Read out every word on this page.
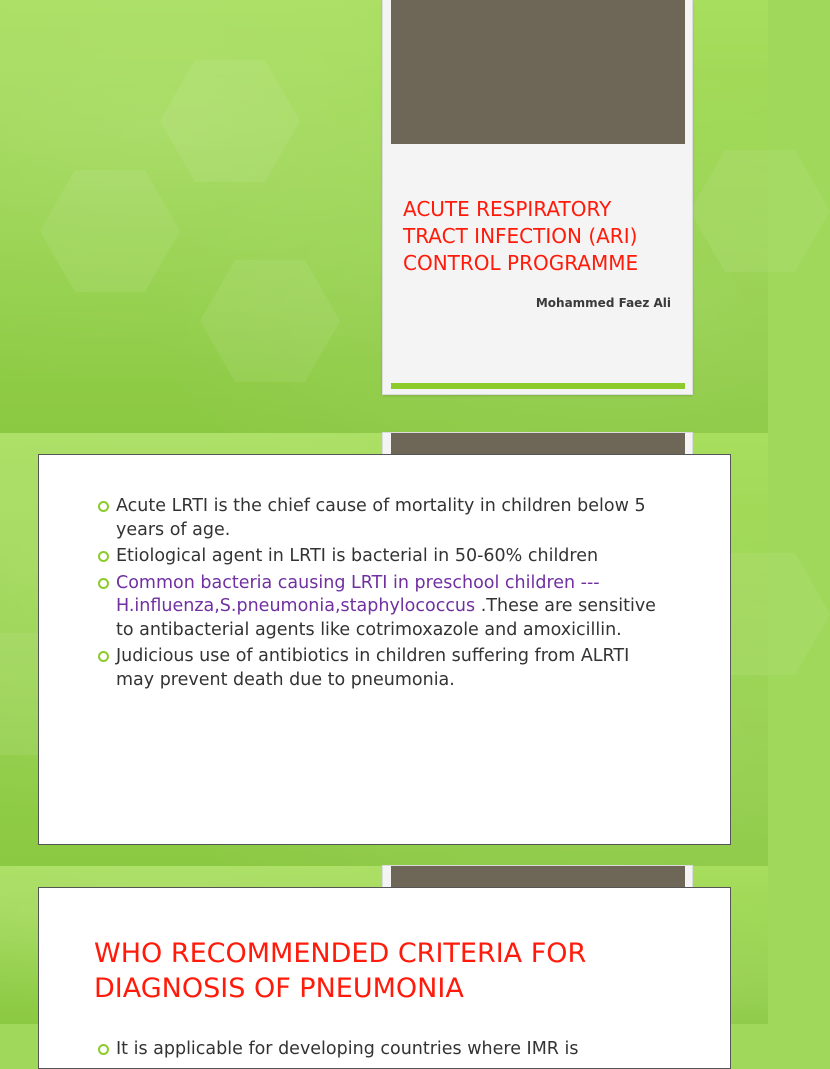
ACUTE RESPIRATORY
TRACT INFECTION (ARI)
CONTROL PROGRAMME
Mohammed Faez Ali
Acute LRTI is the chief cause of mortality in children below 5 years of age.
Etiological agent in LRTI is bacterial in 50-60% children
Common bacteria causing LRTI in preschool children --- H.influenza,S.pneumonia,staphylococcus .These are sensitive to antibacterial agents like cotrimoxazole and amoxicillin.
Judicious use of antibiotics in children suffering from ALRTI may prevent death due to pneumonia.
WHO RECOMMENDED CRITERIA FOR
DIAGNOSIS OF PNEUMONIA
It is applicable for developing countries where IMR is
